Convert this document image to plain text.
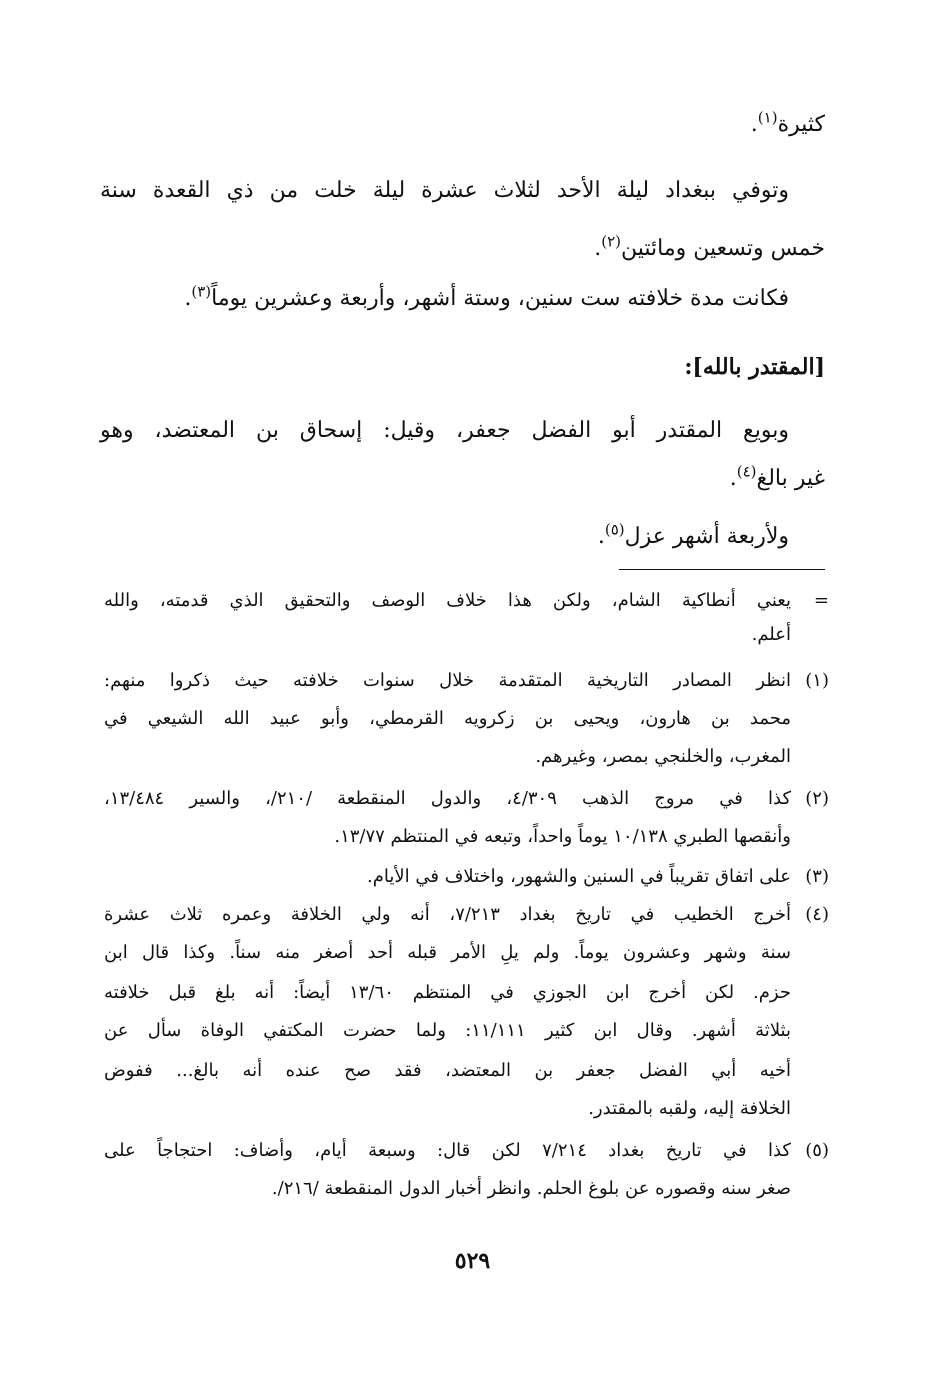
كثيرة$^{(١)}$.
وتوفي ببغداد ليلة الأحد لثلاث عشرة ليلة خلت من ذي القعدة سنة
خمس وتسعين ومائتين$^{(٢)}$.
فكانت مدة خلافته ست سنين، وستة أشهر، وأربعة وعشرين يوماً$^{(٣)}$.
[المقتدر بالله]:
وبويع المقتدر أبو الفضل جعفر، وقيل: إسحاق بن المعتضد، وهو
غير بالغ$^{(٤)}$.
ولأربعة أشهر عزل$^{(٥)}$.
=
يعني أنطاكية الشام، ولكن هذا خلاف الوصف والتحقيق الذي قدمته، والله
أعلم.
(١)
انظر المصادر التاريخية المتقدمة خلال سنوات خلافته حيث ذكروا منهم:
محمد بن هارون، ويحيى بن زكرويه القرمطي، وأبو عبيد الله الشيعي في
المغرب، والخلنجي بمصر، وغيرهم.
(٢)
كذا في مروج الذهب ٤/٣٠٩، والدول المنقطعة /٢١٠/، والسير ١٣/٤٨٤،
وأنقصها الطبري ١٠/١٣٨ يوماً واحداً، وتبعه في المنتظم ١٣/٧٧.
(٣)
على اتفاق تقريباً في السنين والشهور، واختلاف في الأيام.
(٤)
أخرج الخطيب في تاريخ بغداد ٧/٢١٣، أنه ولي الخلافة وعمره ثلاث عشرة
سنة وشهر وعشرون يوماً. ولم يلِ الأمر قبله أحد أصغر منه سناً. وكذا قال ابن
حزم. لكن أخرج ابن الجوزي في المنتظم ١٣/٦٠ أيضاً: أنه بلغ قبل خلافته
بثلاثة أشهر. وقال ابن كثير ١١/١١١: ولما حضرت المكتفي الوفاة سأل عن
أخيه أبي الفضل جعفر بن المعتضد، فقد صح عنده أنه بالغ... ففوض
الخلافة إليه، ولقبه بالمقتدر.
(٥)
كذا في تاريخ بغداد ٧/٢١٤ لكن قال: وسبعة أيام، وأضاف: احتجاجاً على
صغر سنه وقصوره عن بلوغ الحلم. وانظر أخبار الدول المنقطعة /٢١٦/.
٥٢٩
